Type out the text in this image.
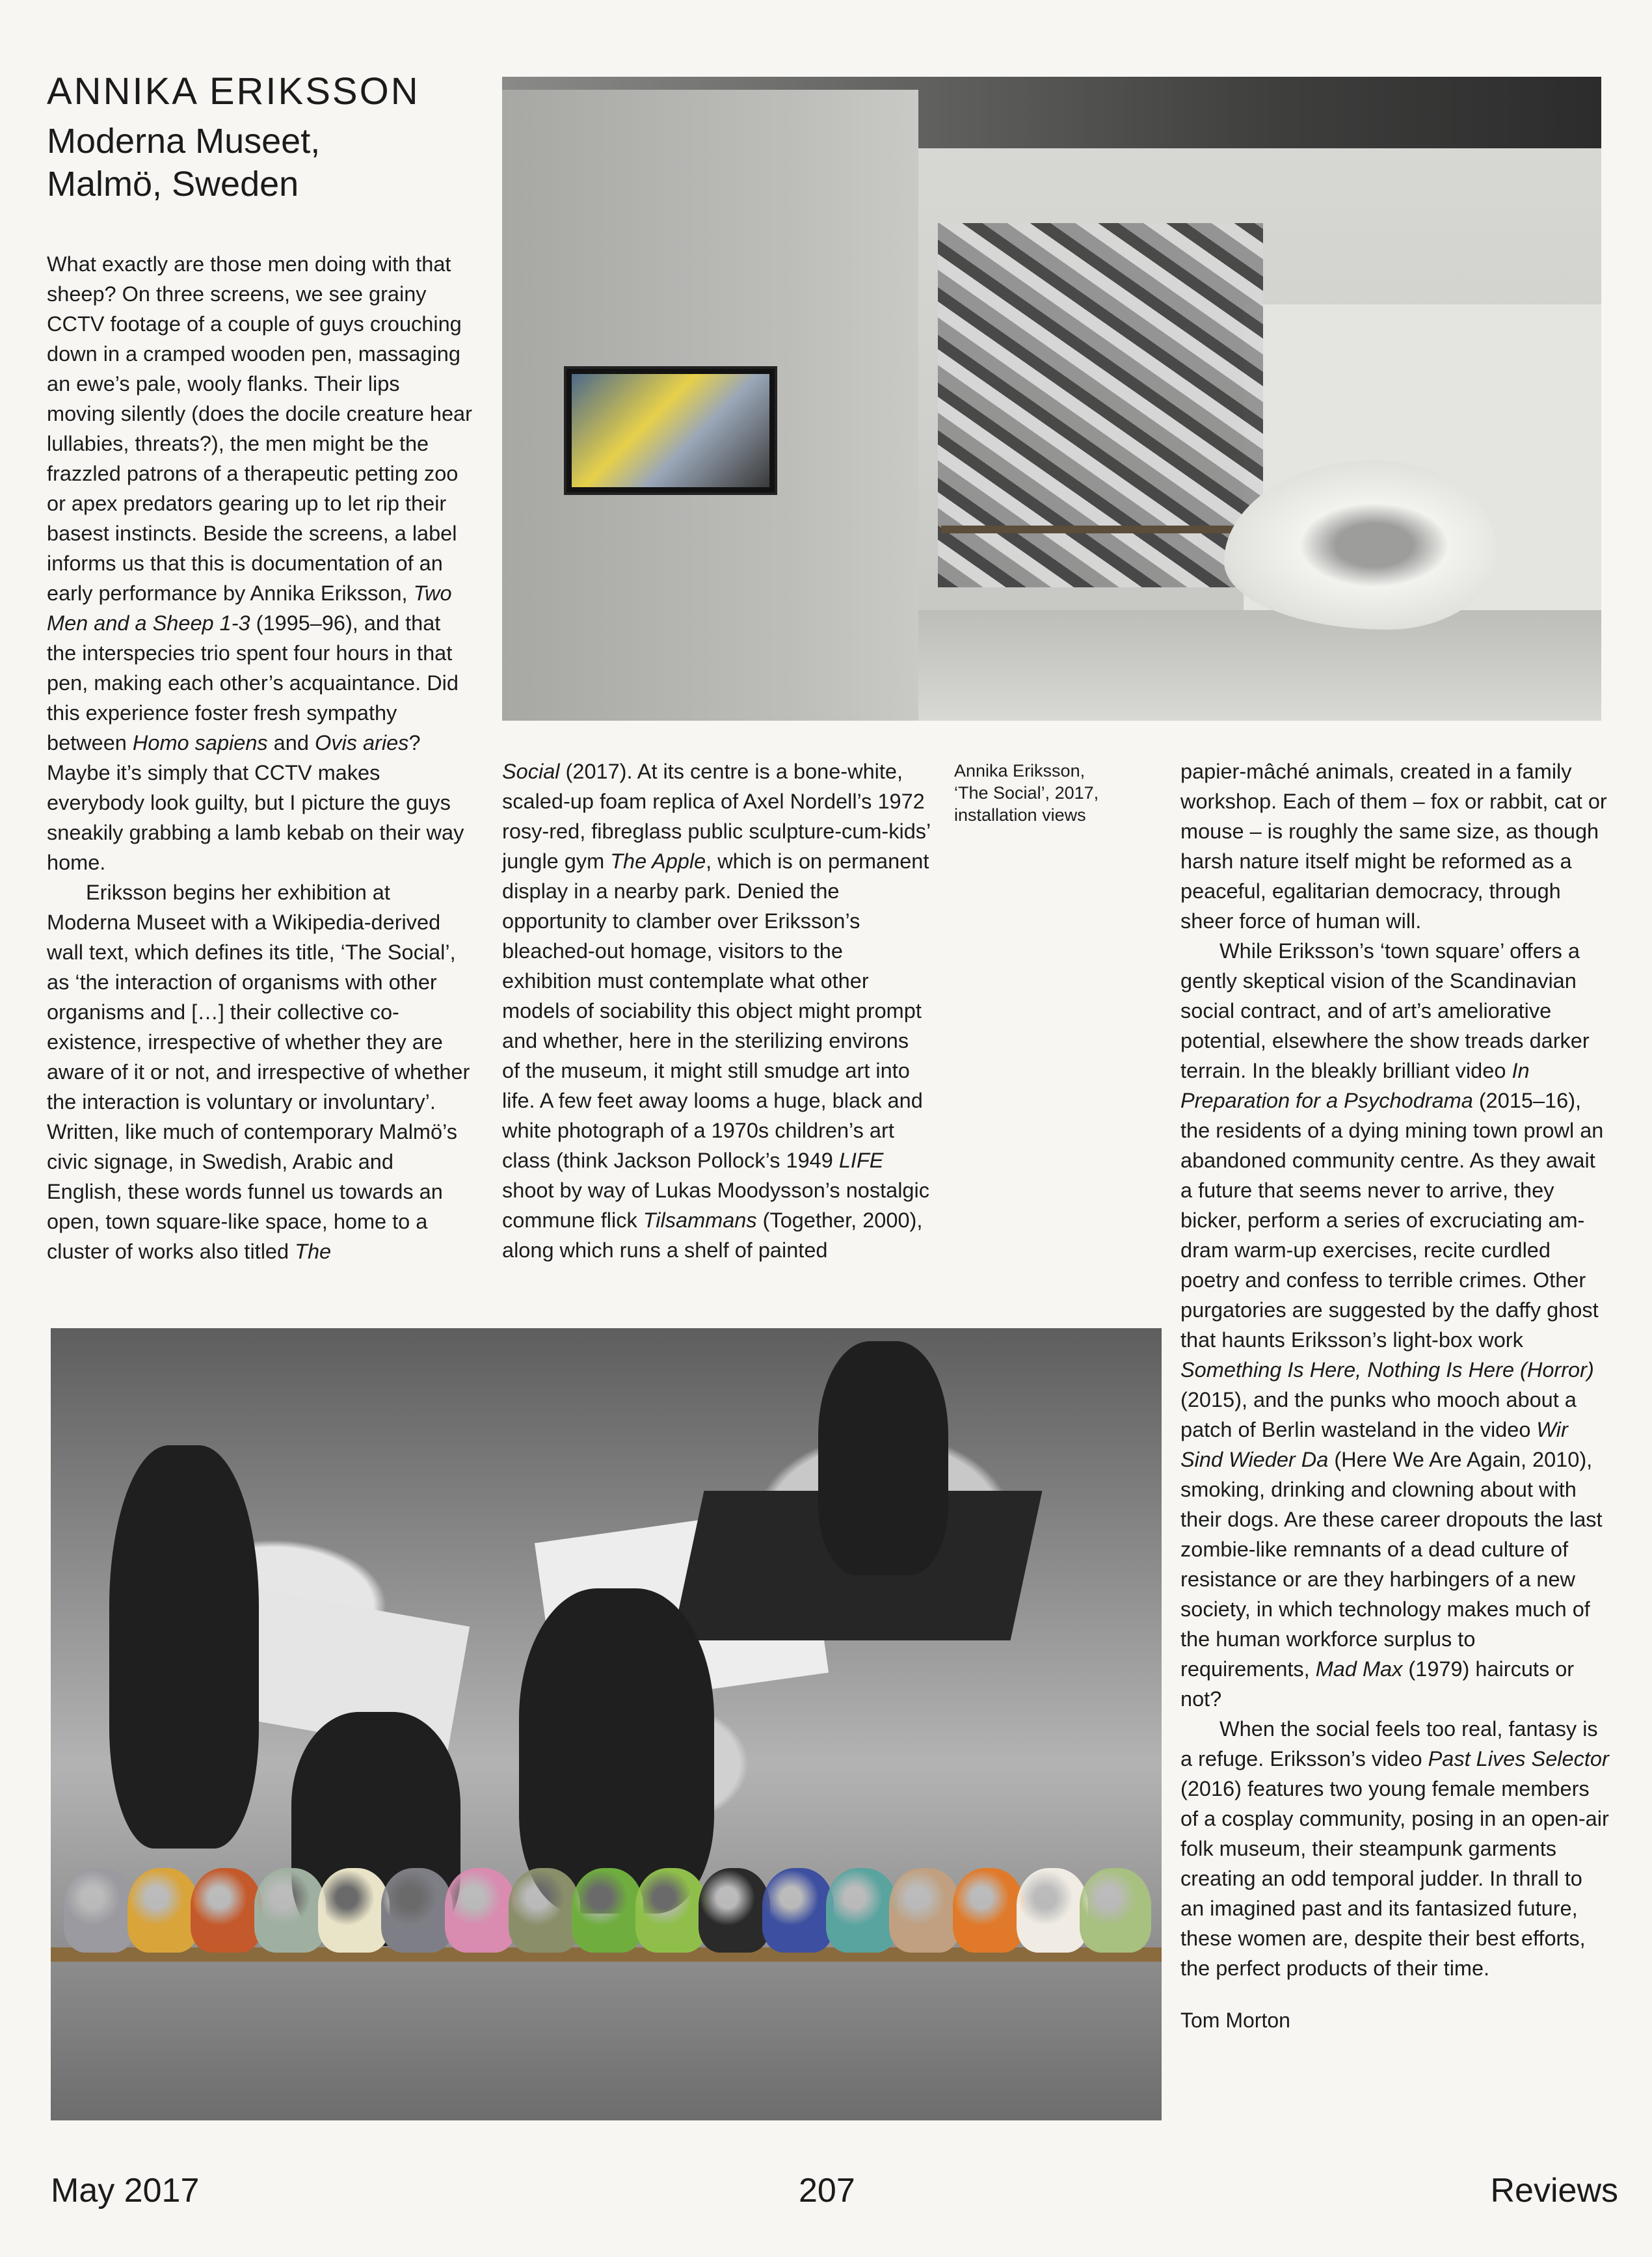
ANNIKA ERIKSSON
Moderna Museet,
Malmö, Sweden

What exactly are those men doing with that sheep? On three screens, we see grainy CCTV footage of a couple of guys crouching down in a cramped wooden pen, massaging an ewe’s pale, wooly flanks. Their lips moving silently (does the docile creature hear lullabies, threats?), the men might be the frazzled patrons of a therapeutic petting zoo or apex predators gearing up to let rip their basest instincts. Beside the screens, a label informs us that this is documentation of an early performance by Annika Eriksson, Two Men and a Sheep 1-3 (1995–96), and that the interspecies trio spent four hours in that pen, making each other’s acquaintance. Did this experience foster fresh sympathy between Homo sapiens and Ovis aries? Maybe it’s simply that CCTV makes everybody look guilty, but I picture the guys sneakily grabbing a lamb kebab on their way home.

Eriksson begins her exhibition at Moderna Museet with a Wikipedia-derived wall text, which defines its title, ‘The Social’, as ‘the interaction of organisms with other organisms and […] their collective co-existence, irrespective of whether they are aware of it or not, and irrespective of whether the interaction is voluntary or involuntary’. Written, like much of contemporary Malmö’s civic signage, in Swedish, Arabic and English, these words funnel us towards an open, town square-like space, home to a cluster of works also titled The

Social (2017). At its centre is a bone-white, scaled-up foam replica of Axel Nordell’s 1972 rosy-red, fibreglass public sculpture-cum-kids’ jungle gym The Apple, which is on permanent display in a nearby park. Denied the opportunity to clamber over Eriksson’s bleached-out homage, visitors to the exhibition must contemplate what other models of sociability this object might prompt and whether, here in the sterilizing environs of the museum, it might still smudge art into life. A few feet away looms a huge, black and white photograph of a 1970s children’s art class (think Jackson Pollock’s 1949 LIFE shoot by way of Lukas Moodysson’s nostalgic commune flick Tilsammans (Together, 2000), along which runs a shelf of painted

Annika Eriksson,
‘The Social’, 2017,
installation views

papier-mâché animals, created in a family workshop. Each of them – fox or rabbit, cat or mouse – is roughly the same size, as though harsh nature itself might be reformed as a peaceful, egalitarian democracy, through sheer force of human will.

While Eriksson’s ‘town square’ offers a gently skeptical vision of the Scandinavian social contract, and of art’s ameliorative potential, elsewhere the show treads darker terrain. In the bleakly brilliant video In Preparation for a Psychodrama (2015–16), the residents of a dying mining town prowl an abandoned community centre. As they await a future that seems never to arrive, they bicker, perform a series of excruciating am-dram warm-up exercises, recite curdled poetry and confess to terrible crimes. Other purgatories are suggested by the daffy ghost that haunts Eriksson’s light-box work Something Is Here, Nothing Is Here (Horror) (2015), and the punks who mooch about a patch of Berlin wasteland in the video Wir Sind Wieder Da (Here We Are Again, 2010), smoking, drinking and clowning about with their dogs. Are these career dropouts the last zombie-like remnants of a dead culture of resistance or are they harbingers of a new society, in which technology makes much of the human workforce surplus to requirements, Mad Max (1979) haircuts or not?

When the social feels too real, fantasy is a refuge. Eriksson’s video Past Lives Selector (2016) features two young female members of a cosplay community, posing in an open-air folk museum, their steampunk garments creating an odd temporal judder. In thrall to an imagined past and its fantasized future, these women are, despite their best efforts, the perfect products of their time.

Tom Morton

May 2017	207	Reviews
